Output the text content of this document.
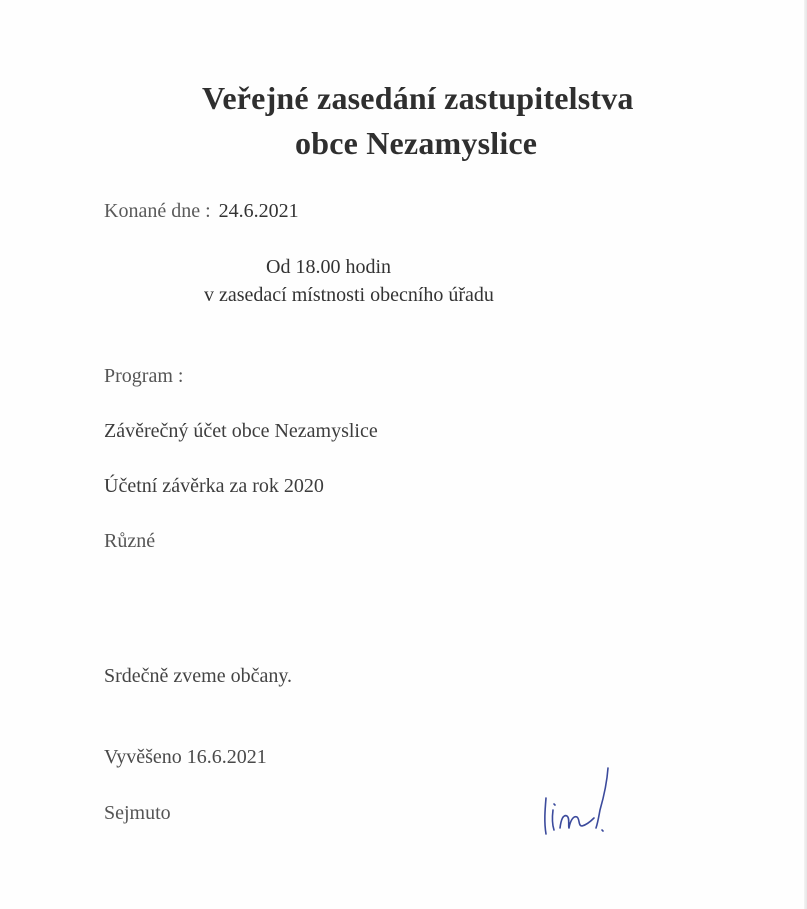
Veřejné zasedání zastupitelstva
obce Nezamyslice
Konané dne : 24.6.2021
Od 18.00 hodin
v zasedací místnosti obecního úřadu
Program :
Závěrečný účet obce Nezamyslice
Účetní závěrka za rok 2020
Různé
Srdečně zveme občany.
Vyvěšeno 16.6.2021
Sejmuto
